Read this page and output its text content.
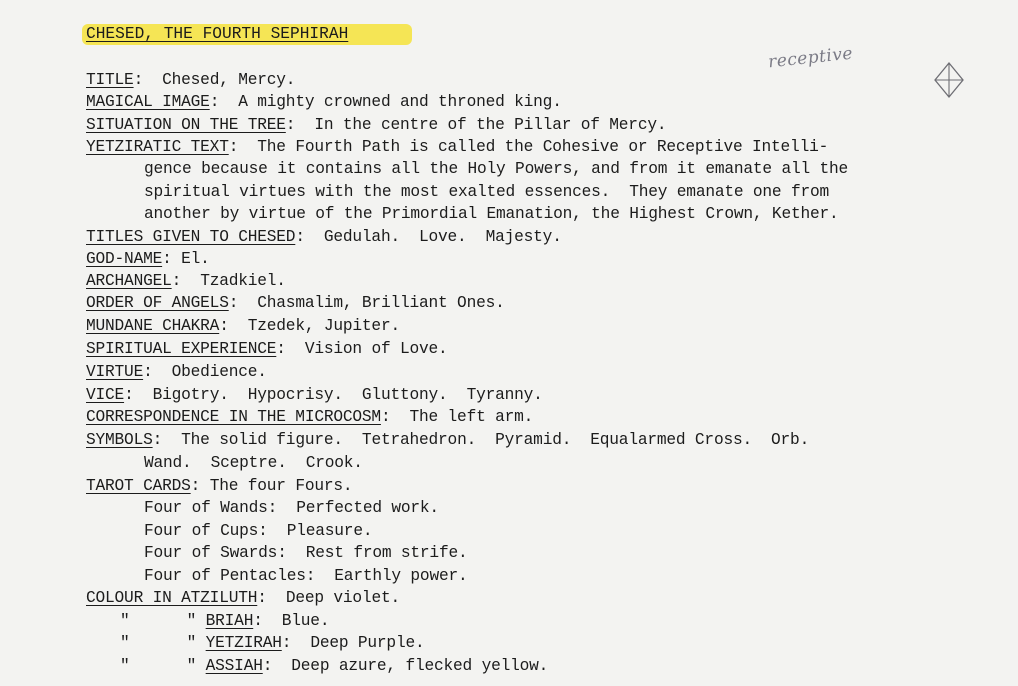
CHESED, THE FOURTH SEPHIRAH
receptive
TITLE:  Chesed, Mercy.
MAGICAL IMAGE:  A mighty crowned and throned king.
SITUATION ON THE TREE:  In the centre of the Pillar of Mercy.
YETZIRATIC TEXT:  The Fourth Path is called the Cohesive or Receptive Intelli-
gence because it contains all the Holy Powers, and from it emanate all the
spiritual virtues with the most exalted essences.  They emanate one from
another by virtue of the Primordial Emanation, the Highest Crown, Kether.
TITLES GIVEN TO CHESED:  Gedulah.  Love.  Majesty.
GOD-NAME: El.
ARCHANGEL:  Tzadkiel.
ORDER OF ANGELS:  Chasmalim, Brilliant Ones.
MUNDANE CHAKRA:  Tzedek, Jupiter.
SPIRITUAL EXPERIENCE:  Vision of Love.
VIRTUE:  Obedience.
VICE:  Bigotry.  Hypocrisy.  Gluttony.  Tyranny.
CORRESPONDENCE IN THE MICROCOSM:  The left arm.
SYMBOLS:  The solid figure.  Tetrahedron.  Pyramid.  Equalarmed Cross.  Orb.
Wand.  Sceptre.  Crook.
TAROT CARDS: The four Fours.
Four of Wands: Perfected work.
Four of Cups: Pleasure.
Four of Swards: Rest from strife.
Four of Pentacles: Earthly power.
COLOUR IN ATZILUTH:  Deep violet.
"	" BRIAH:  Blue.
"	" YETZIRAH:  Deep Purple.
"	" ASSIAH:  Deep azure, flecked yellow.
